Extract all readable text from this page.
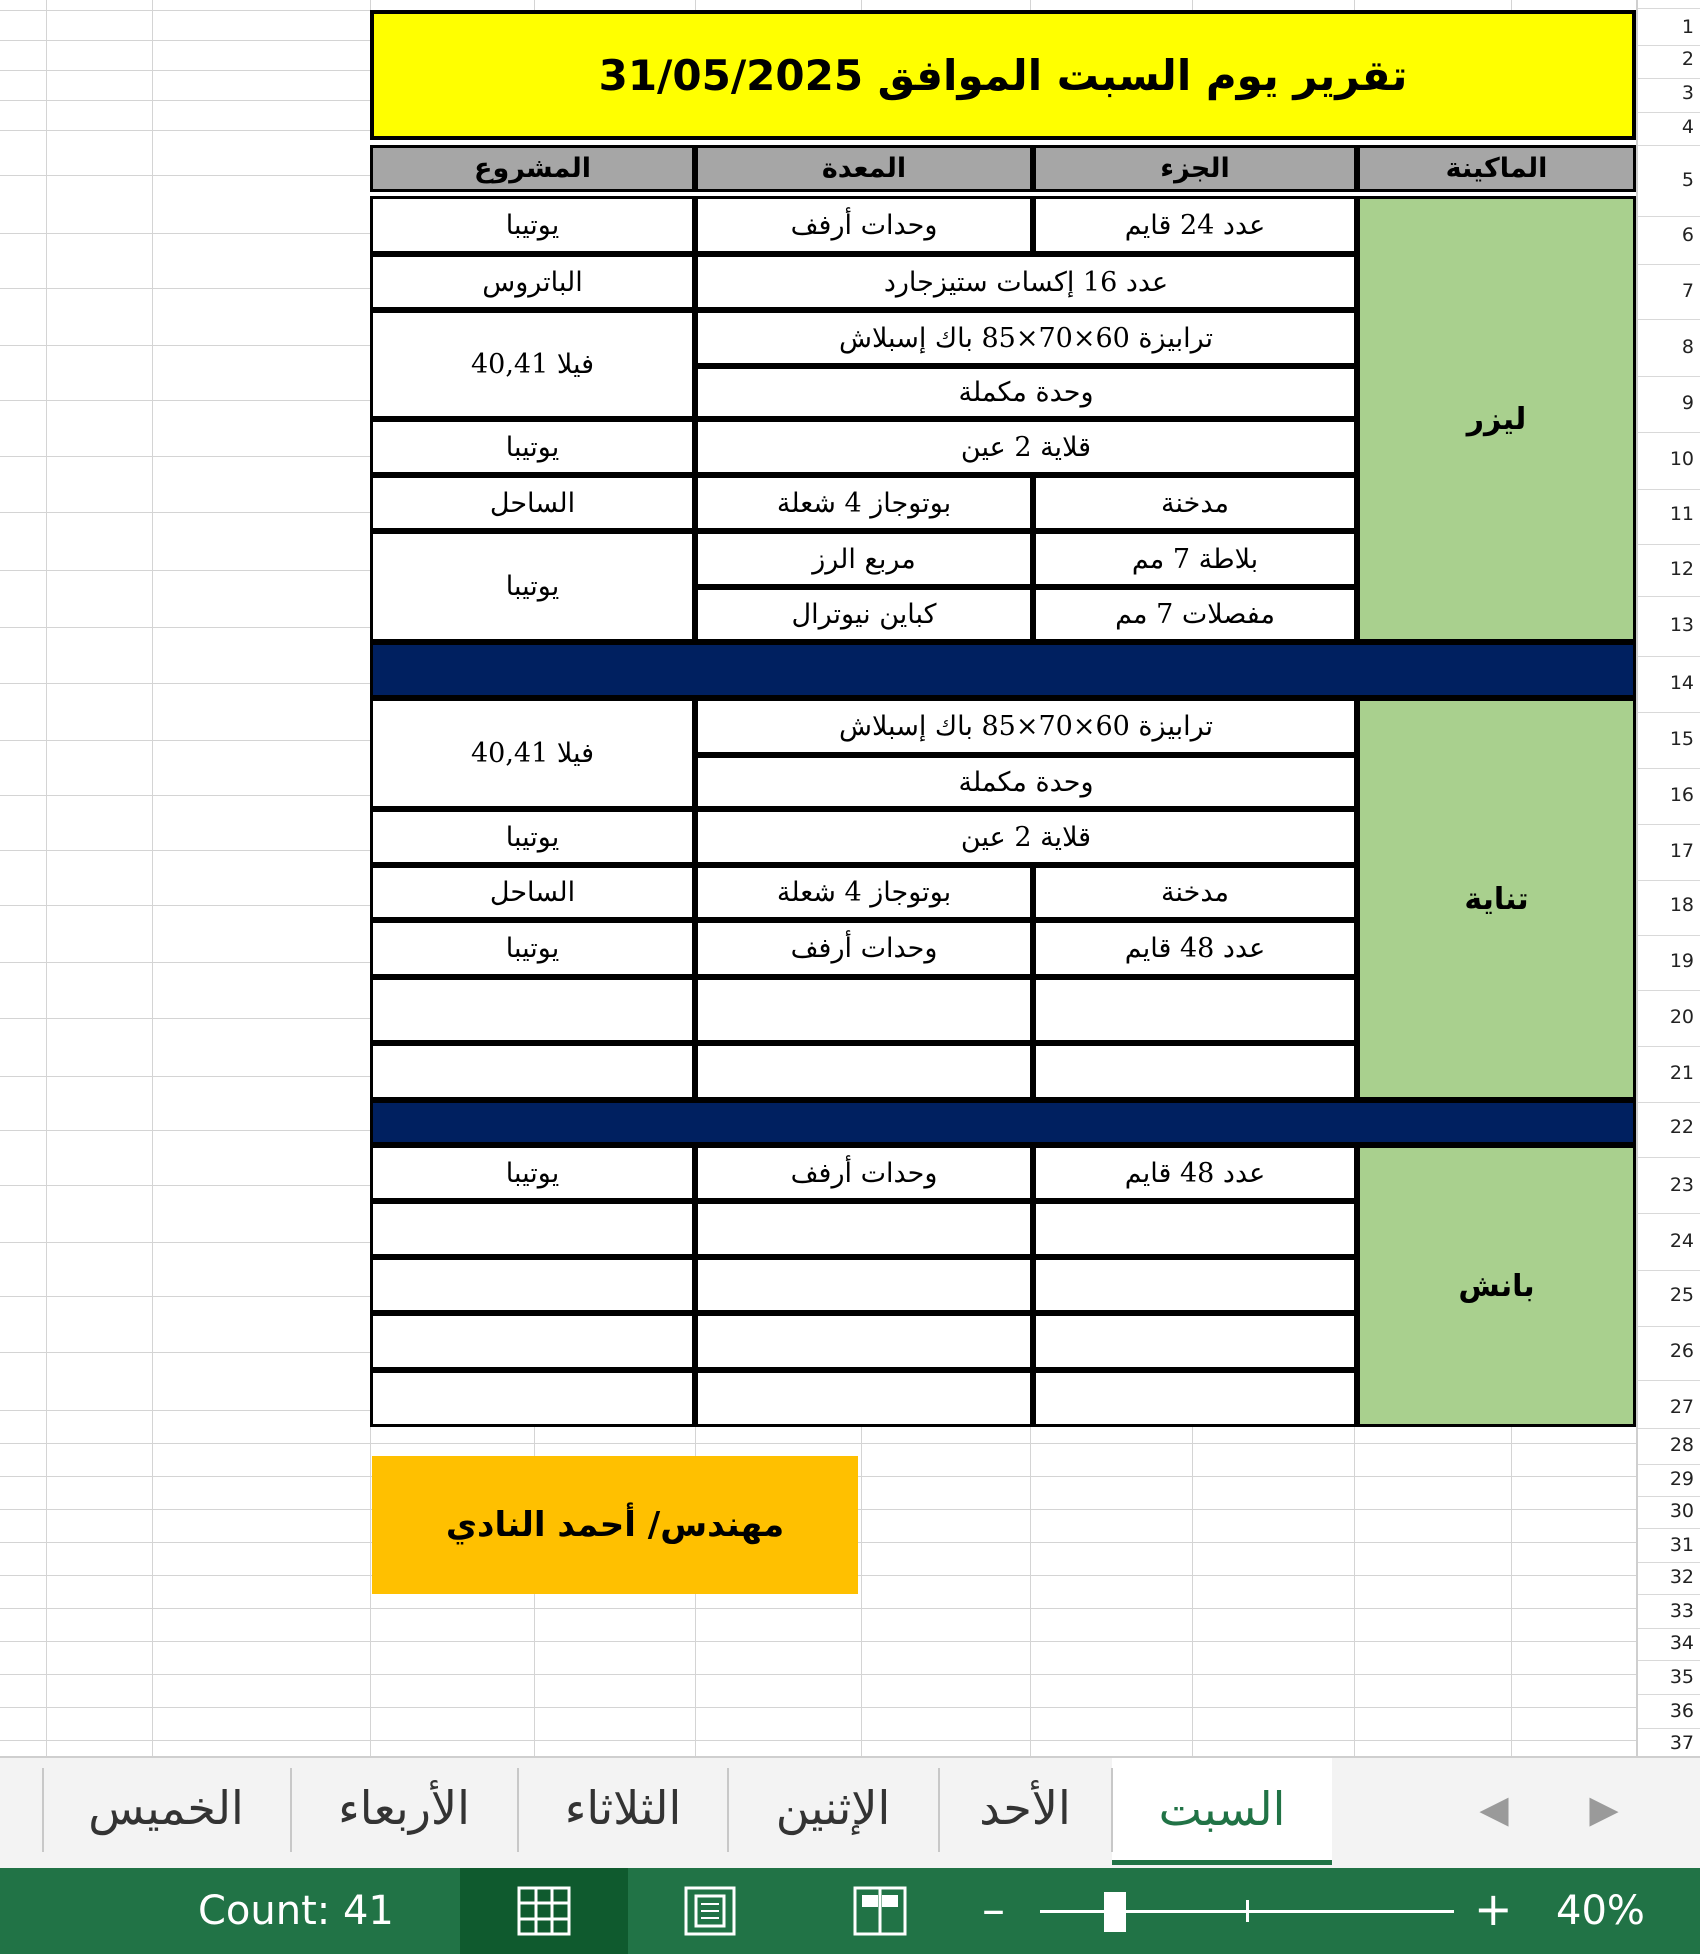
تقرير يوم السبت الموافق 31/05/2025
الماكينة
الجزء
المعدة
المشروع
ليزر
تناية
بانش
عدد 24 قايم
وحدات أرفف
يوتيبا
عدد 16 إكسات ستيزجارد
الباتروس
ترابيزة 60×70×85 باك إسبلاش
وحدة مكملة
فيلا 40,41
قلاية 2 عين
يوتيبا
مدخنة
بوتوجاز 4 شعلة
الساحل
بلاطة 7 مم
مربع الرز
مفصلات 7 مم
كباين نيوترال
يوتيبا
ترابيزة 60×70×85 باك إسبلاش
وحدة مكملة
فيلا 40,41
قلاية 2 عين
يوتيبا
مدخنة
بوتوجاز 4 شعلة
الساحل
عدد 48 قايم
وحدات أرفف
يوتيبا
عدد 48 قايم
وحدات أرفف
يوتيبا
مهندس/ أحمد النادي
1
2
3
4
5
6
7
8
9
10
11
12
13
14
15
16
17
18
19
20
21
22
23
24
25
26
27
28
29
30
31
32
33
34
35
36
37
▶
◀
السبت
الأحد
الإثنين
الثلاثاء
الأربعاء
الخميس
Count: 41	–	+ 40%
